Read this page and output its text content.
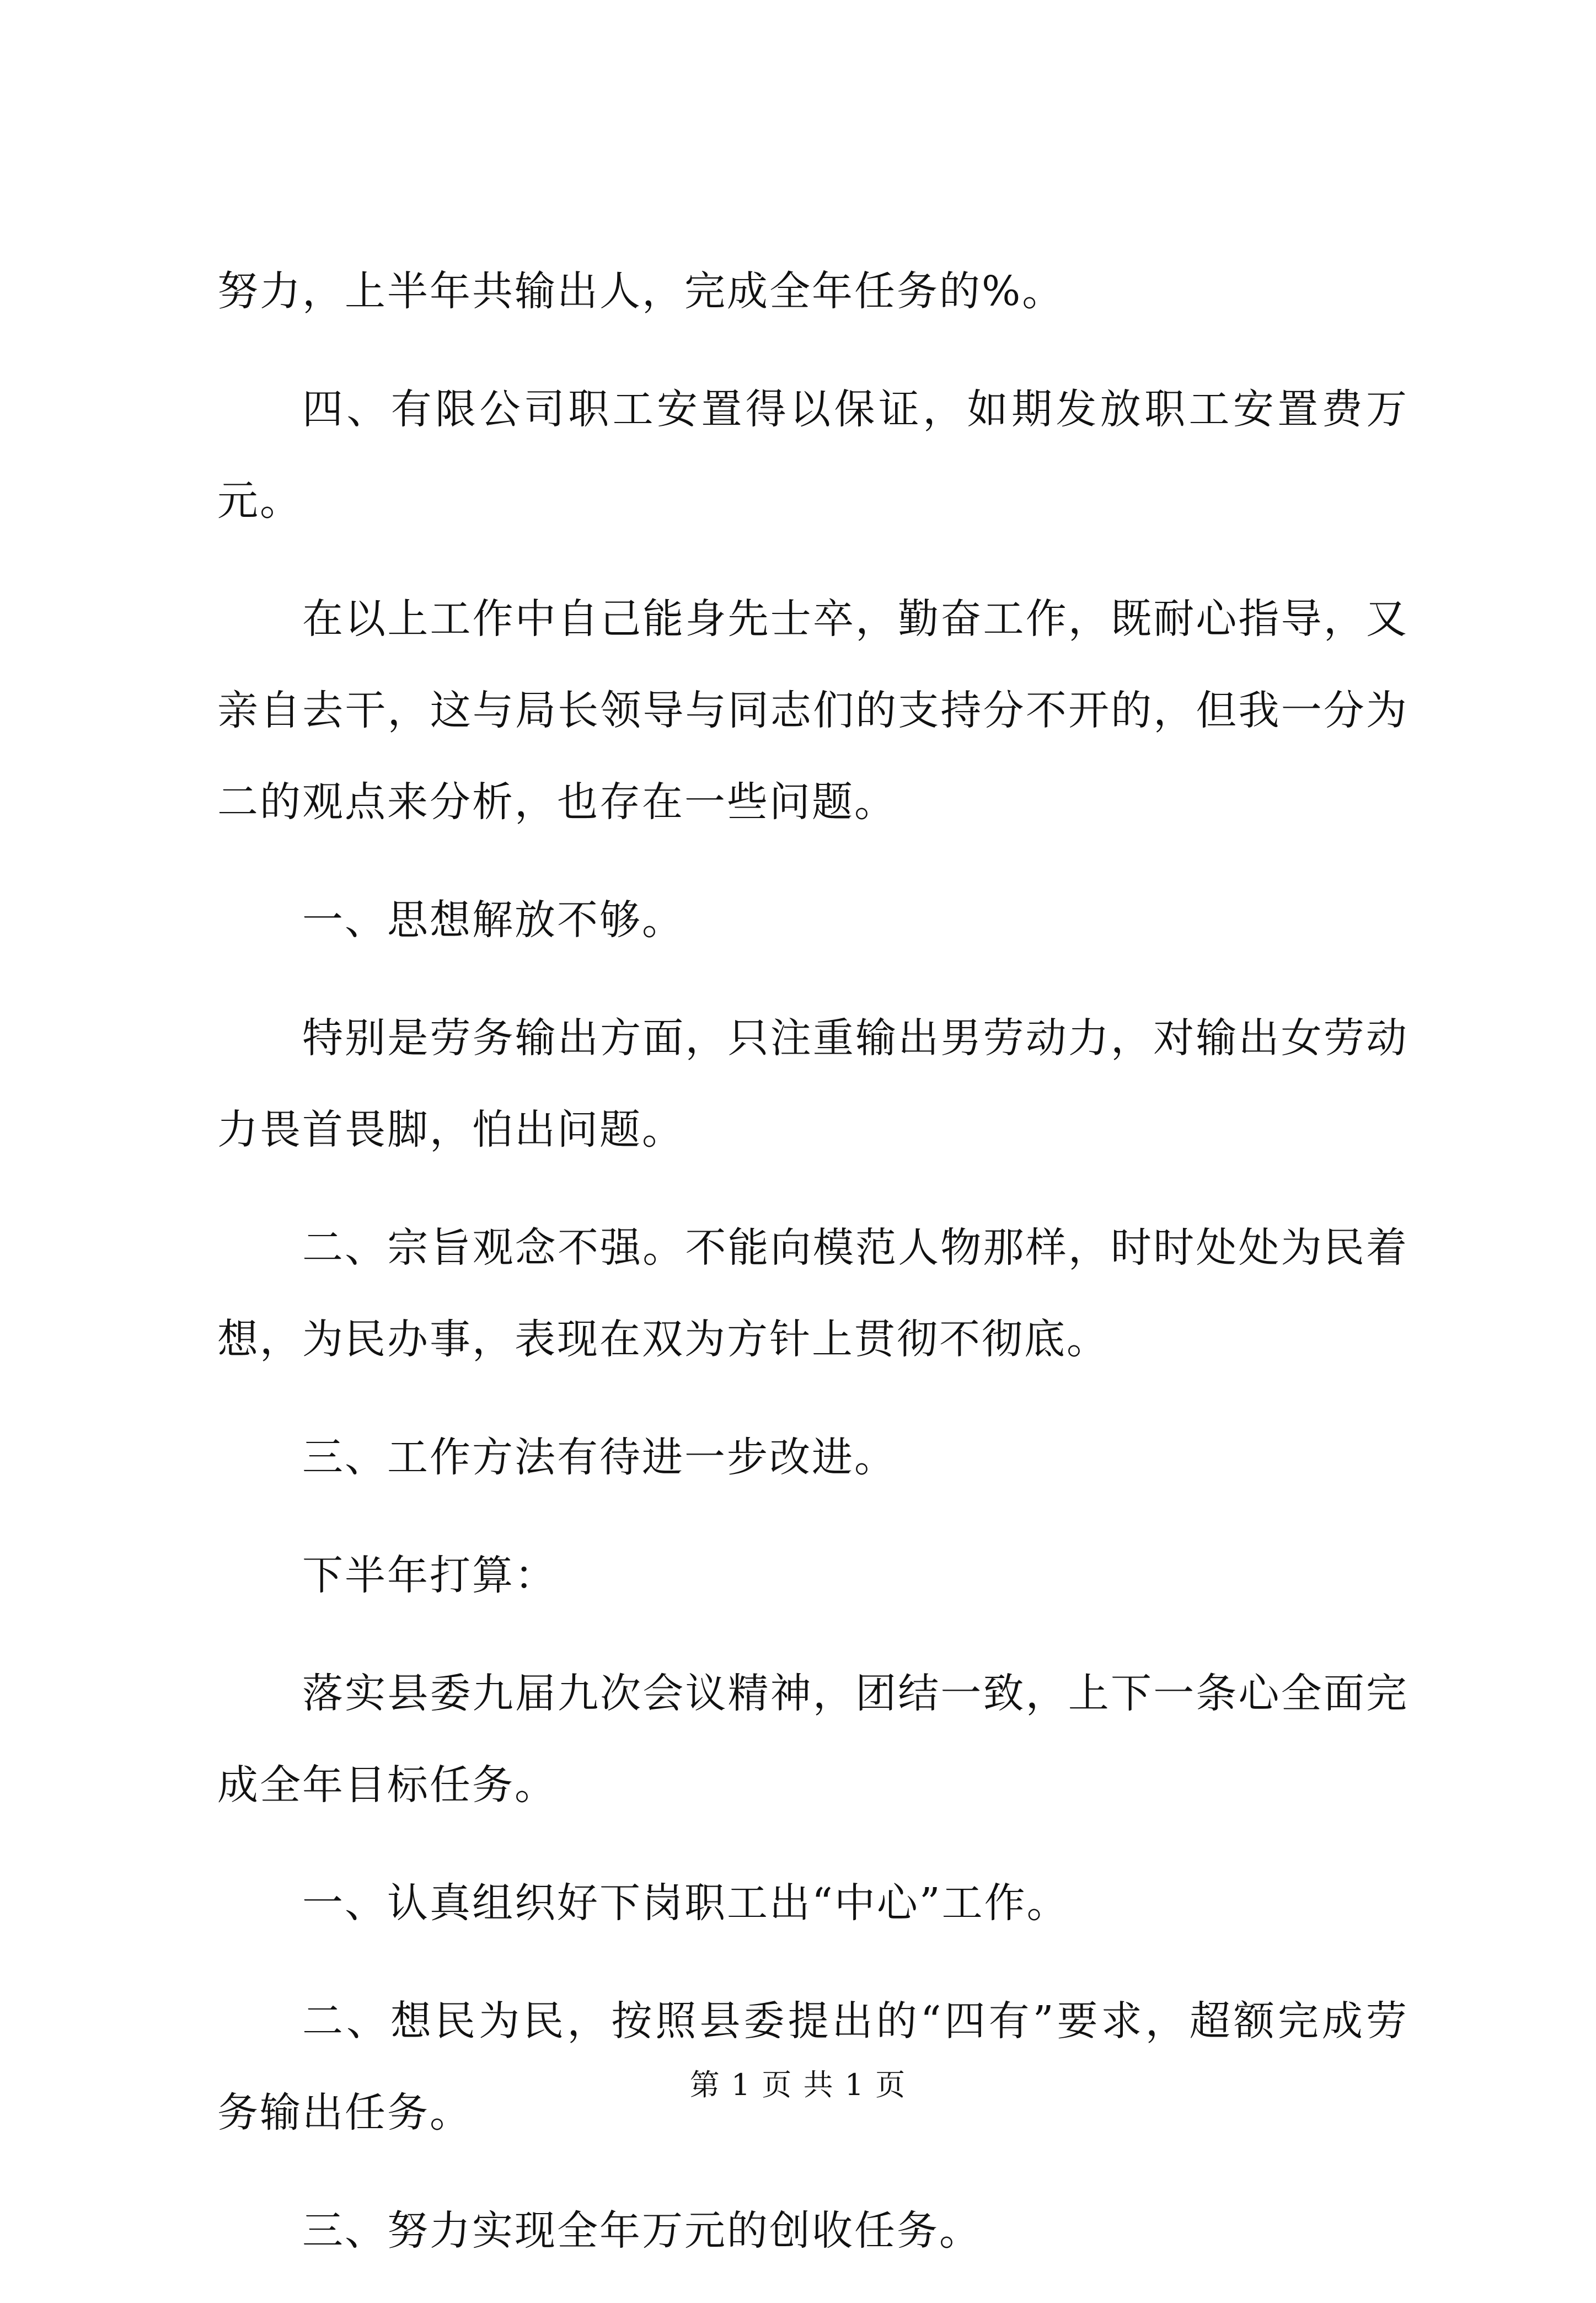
努力，上半年共输出人，完成全年任务的%。

四、有限公司职工安置得以保证，如期发放职工安置费万元。

在以上工作中自己能身先士卒，勤奋工作，既耐心指导，又亲自去干，这与局长领导与同志们的支持分不开的，但我一分为二的观点来分析，也存在一些问题。

一、思想解放不够。

特别是劳务输出方面，只注重输出男劳动力，对输出女劳动力畏首畏脚，怕出问题。

二、宗旨观念不强。不能向模范人物那样，时时处处为民着想，为民办事，表现在双为方针上贯彻不彻底。

三、工作方法有待进一步改进。

下半年打算：

落实县委九届九次会议精神，团结一致，上下一条心全面完成全年目标任务。

一、认真组织好下岗职工出“中心”工作。

二、想民为民，按照县委提出的“四有”要求，超额完成劳务输出任务。

三、努力实现全年万元的创收任务。

第 1 页 共 1 页
